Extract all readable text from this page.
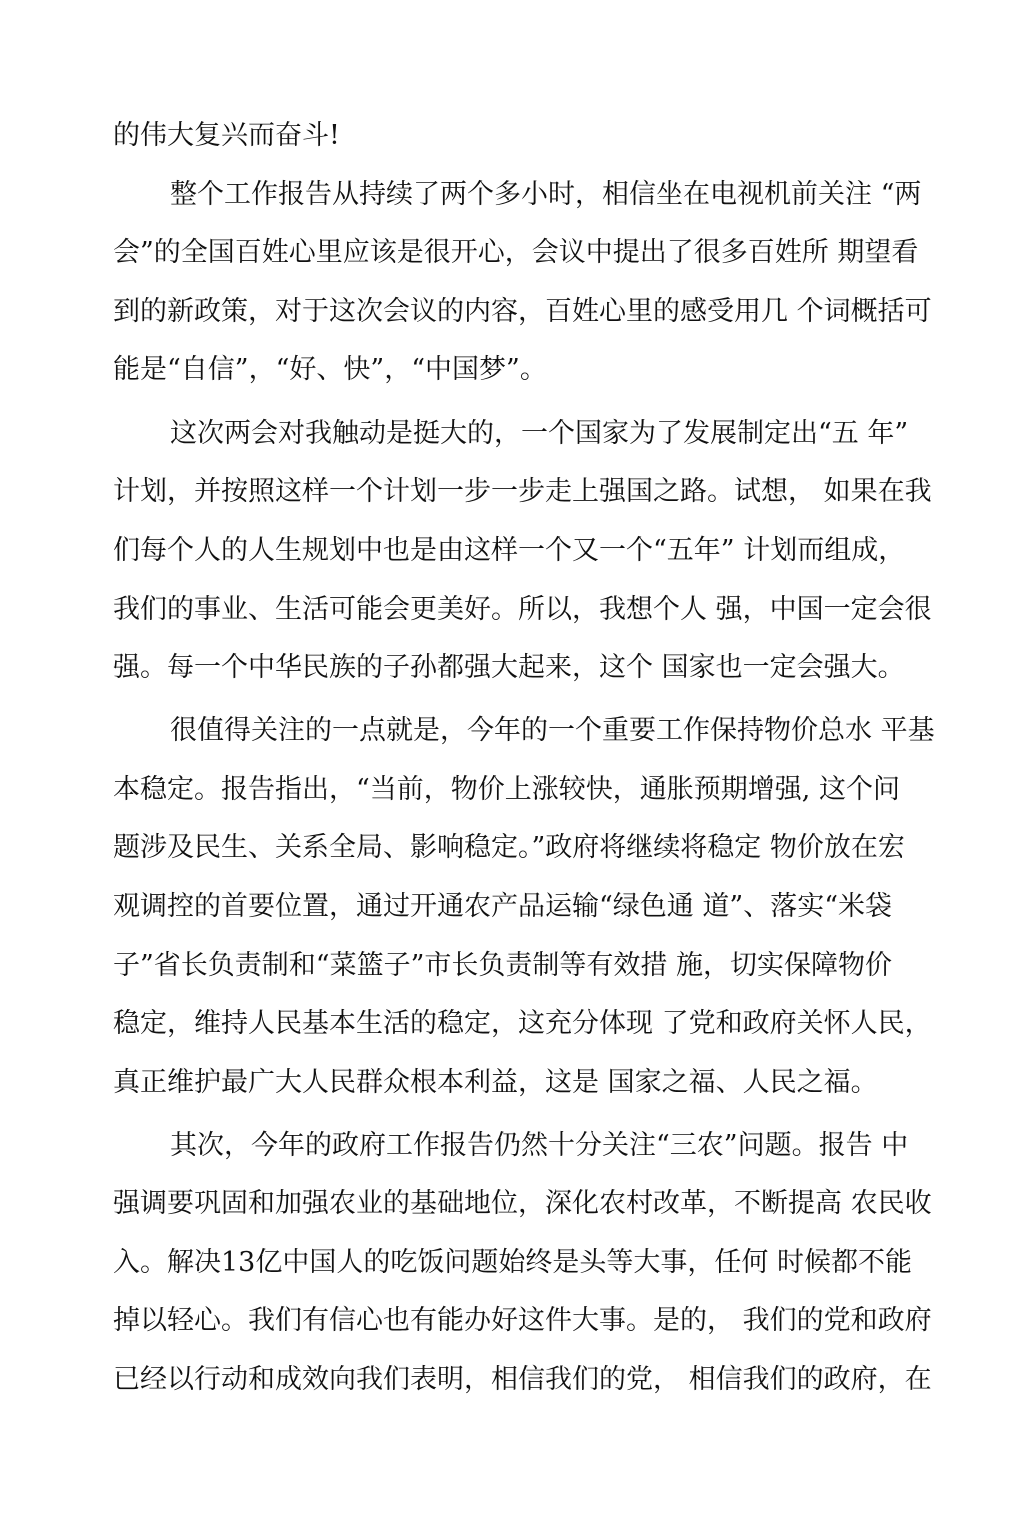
的伟大复兴而奋斗!
整个工作报告从持续了两个多小时，相信坐在电视机前关注 “两
会”的全国百姓心里应该是很开心，会议中提出了很多百姓所 期望看
到的新政策，对于这次会议的内容，百姓心里的感受用几 个词概括可
能是“自信”，“好、快”，“中国梦”。
这次两会对我触动是挺大的，一个国家为了发展制定出“五 年”
计划，并按照这样一个计划一步一步走上强国之路。试想， 如果在我
们每个人的人生规划中也是由这样一个又一个“五年” 计划而组成，
我们的事业、生活可能会更美好。所以，我想个人 强，中国一定会很
强。每一个中华民族的子孙都强大起来，这个 国家也一定会强大。
很值得关注的一点就是，今年的一个重要工作保持物价总水 平基
本稳定。报告指出，“当前，物价上涨较快，通胀预期增强, 这个问
题涉及民生、关系全局、影响稳定。”政府将继续将稳定 物价放在宏
观调控的首要位置，通过开通农产品运输“绿色通 道”、落实“米袋
子”省长负责制和“菜篮子”市长负责制等有效措 施，切实保障物价
稳定，维持人民基本生活的稳定，这充分体现 了党和政府关怀人民，
真正维护最广大人民群众根本利益，这是 国家之福、人民之福。
其次，今年的政府工作报告仍然十分关注“三农”问题。报告 中
强调要巩固和加强农业的基础地位，深化农村改革，不断提高 农民收
入。解决13亿中国人的吃饭问题始终是头等大事，任何 时候都不能
掉以轻心。我们有信心也有能办好这件大事。是的， 我们的党和政府
已经以行动和成效向我们表明，相信我们的党， 相信我们的政府，在
